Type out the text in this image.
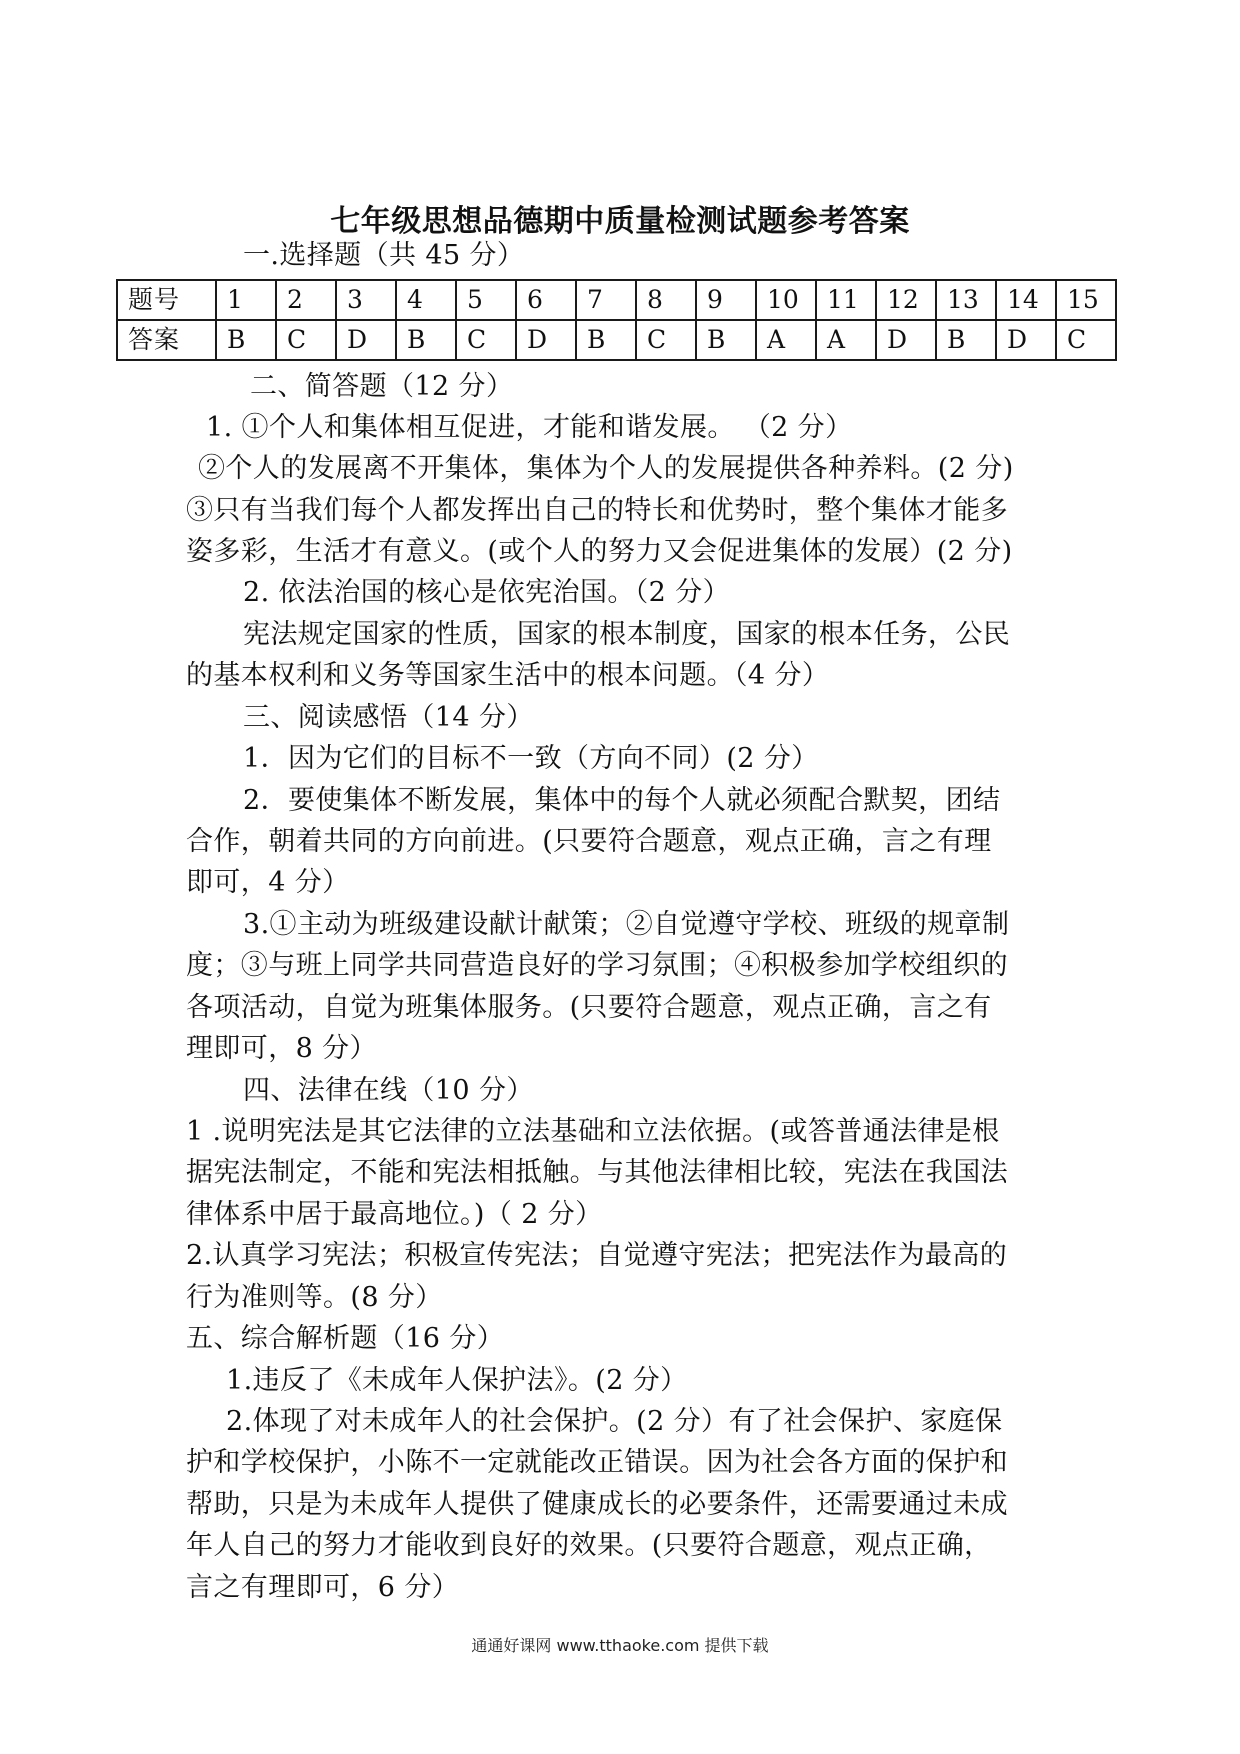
七年级思想品德期中质量检测试题参考答案
一.选择题（共 45 分）
题号	1	2	3	4	5	6	7	8	9	10	11	12	13	14	15
答案	B	C	D	B	C	D	B	C	B	A	A	D	B	D	C
二、简答题（12 分）
1. ①个人和集体相互促进，才能和谐发展。 （2 分）
②个人的发展离不开集体，集体为个人的发展提供各种养料。(2 分)
③只有当我们每个人都发挥出自己的特长和优势时，整个集体才能多
姿多彩，生活才有意义。(或个人的努力又会促进集体的发展）(2 分)
2. 依法治国的核心是依宪治国。（2 分）
宪法规定国家的性质，国家的根本制度，国家的根本任务，公民
的基本权利和义务等国家生活中的根本问题。（4 分）
三、阅读感悟（14 分）
1．因为它们的目标不一致（方向不同）(2 分）
2．要使集体不断发展，集体中的每个人就必须配合默契，团结
合作，朝着共同的方向前进。(只要符合题意，观点正确，言之有理
即可，4 分）
3.①主动为班级建设献计献策；②自觉遵守学校、班级的规章制
度；③与班上同学共同营造良好的学习氛围；④积极参加学校组织的
各项活动，自觉为班集体服务。(只要符合题意，观点正确，言之有
理即可，8 分）
四、法律在线（10 分）
1 .说明宪法是其它法律的立法基础和立法依据。(或答普通法律是根
据宪法制定，不能和宪法相抵触。与其他法律相比较，宪法在我国法
律体系中居于最高地位。)（ 2 分）
2.认真学习宪法；积极宣传宪法；自觉遵守宪法；把宪法作为最高的
行为准则等。(8 分）
五、综合解析题（16 分）
1.违反了《未成年人保护法》。(2 分）
2.体现了对未成年人的社会保护。(2 分）有了社会保护、家庭保
护和学校保护，小陈不一定就能改正错误。因为社会各方面的保护和
帮助，只是为未成年人提供了健康成长的必要条件，还需要通过未成
年人自己的努力才能收到良好的效果。(只要符合题意，观点正确，
言之有理即可，6 分）
通通好课网 www.tthaoke.com 提供下载
